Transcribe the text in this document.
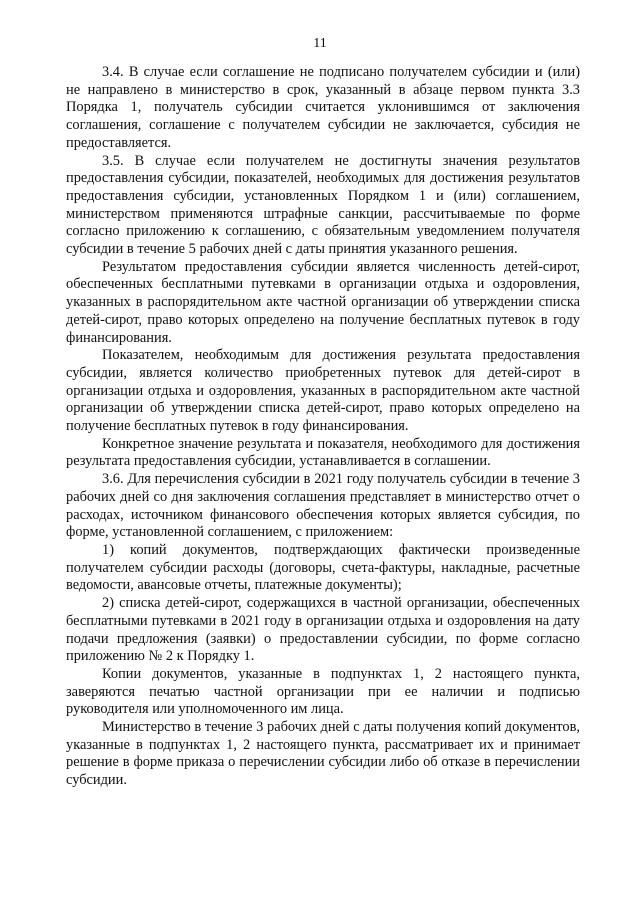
11

3.4. В случае если соглашение не подписано получателем субсидии и (или) не направлено в министерство в срок, указанный в абзаце первом пункта 3.3 Порядка 1, получатель субсидии считается уклонившимся от заключения соглашения, соглашение с получателем субсидии не заключается, субсидия не предоставляется.

3.5. В случае если получателем не достигнуты значения результатов предоставления субсидии, показателей, необходимых для достижения результатов предоставления субсидии, установленных Порядком 1 и (или) соглашением, министерством применяются штрафные санкции, рассчитываемые по форме согласно приложению к соглашению, с обязательным уведомлением получателя субсидии в течение 5 рабочих дней с даты принятия указанного решения.

Результатом предоставления субсидии является численность детей-сирот, обеспеченных бесплатными путевками в организации отдыха и оздоровления, указанных в распорядительном акте частной организации об утверждении списка детей-сирот, право которых определено на получение бесплатных путевок в году финансирования.

Показателем, необходимым для достижения результата предоставления субсидии, является количество приобретенных путевок для детей-сирот в организации отдыха и оздоровления, указанных в распорядительном акте частной организации об утверждении списка детей-сирот, право которых определено на получение бесплатных путевок в году финансирования.

Конкретное значение результата и показателя, необходимого для достижения результата предоставления субсидии, устанавливается в соглашении.

3.6. Для перечисления субсидии в 2021 году получатель субсидии в течение 3 рабочих дней со дня заключения соглашения представляет в министерство отчет о расходах, источником финансового обеспечения которых является субсидия, по форме, установленной соглашением, с приложением:

1) копий документов, подтверждающих фактически произведенные получателем субсидии расходы (договоры, счета-фактуры, накладные, расчетные ведомости, авансовые отчеты, платежные документы);

2) списка детей-сирот, содержащихся в частной организации, обеспеченных бесплатными путевками в 2021 году в организации отдыха и оздоровления на дату подачи предложения (заявки) о предоставлении субсидии, по форме согласно приложению № 2 к Порядку 1.

Копии документов, указанные в подпунктах 1, 2 настоящего пункта, заверяются печатью частной организации при ее наличии и подписью руководителя или уполномоченного им лица.

Министерство в течение 3 рабочих дней с даты получения копий документов, указанные в подпунктах 1, 2 настоящего пункта, рассматривает их и принимает решение в форме приказа о перечислении субсидии либо об отказе в перечислении субсидии.
